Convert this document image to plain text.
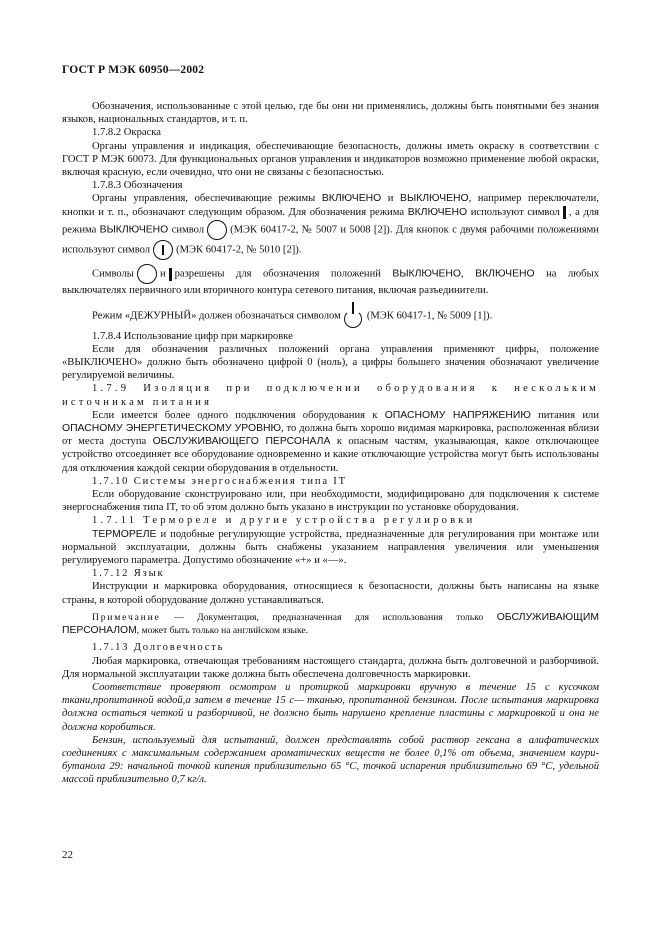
ГОСТ Р МЭК 60950—2002

Обозначения, использованные с этой целью, где бы они ни применялись, должны быть понятными без знания языков, национальных стандартов, и т. п.

1.7.8.2 Окраска

Органы управления и индикация, обеспечивающие безопасность, должны иметь окраску в соответствии с ГОСТ Р МЭК 60073. Для функциональных органов управления и индикаторов возможно применение любой окраски, включая красную, если очевидно, что они не связаны с безопасностью.

1.7.8.3 Обозначения

Органы управления, обеспечивающие режимы ВКЛЮЧЕНО и ВЫКЛЮЧЕНО, например переключатели, кнопки и т. п., обозначают следующим образом. Для обозначения режима ВКЛЮЧЕНО используют символ , а для режима ВЫКЛЮЧЕНО символ (МЭК 60417-2, № 5007 и 5008 [2]). Для кнопок с двумя рабочими положениями используют символ (МЭК 60417-2, № 5010 [2]).

Символы и разрешены для обозначения положений ВЫКЛЮЧЕНО, ВКЛЮЧЕНО на любых выключателях первичного или вторичного контура сетевого питания, включая разъединители.

Режим «ДЕЖУРНЫЙ» должен обозначаться символом (МЭК 60417-1, № 5009 [1]).

1.7.8.4 Использование цифр при маркировке

Если для обозначения различных положений органа управления применяют цифры, положение «ВЫКЛЮЧЕНО» должно быть обозначено цифрой 0 (ноль), а цифры большего значения обозначают увеличение регулируемой величины.

1.7.9 Изоляция при подключении оборудования к нескольким источникам питания

Если имеется более одного подключения оборудования к ОПАСНОМУ НАПРЯЖЕНИЮ питания или ОПАСНОМУ ЭНЕРГЕТИЧЕСКОМУ УРОВНЮ, то должна быть хорошо видимая маркировка, расположенная вблизи от места доступа ОБСЛУЖИВАЮЩЕГО ПЕРСОНАЛА к опасным частям, указывающая, какое отключающее устройство отсоединяет все оборудование одновременно и какие отключающие устройства могут быть использованы для отключения каждой секции оборудования в отдельности.

1.7.10 Системы энергоснабжения типа IT

Если оборудование сконструировано или, при необходимости, модифицировано для подключения к системе энергоснабжения типа IT, то об этом должно быть указано в инструкции по установке оборудования.

1.7.11 Термореле и другие устройства регулировки

ТЕРМОРЕЛЕ и подобные регулирующие устройства, предназначенные для регулирования при монтаже или нормальной эксплуатации, должны быть снабжены указанием направления увеличения или уменьшения регулируемого параметра. Допустимо обозначение «+» и «—».

1.7.12 Язык

Инструкции и маркировка оборудования, относящиеся к безопасности, должны быть написаны на языке страны, в которой оборудование должно устанавливаться.

Примечание — Документация, предназначенная для использования только ОБСЛУЖИВАЮЩИМ ПЕРСОНАЛОМ, может быть только на английском языке.

1.7.13 Долговечность

Любая маркировка, отвечающая требованиям настоящего стандарта, должна быть долговечной и разборчивой. Для нормальной эксплуатации также должна быть обеспечена долговечность маркировки.

Соответствие проверяют осмотром и протиркой маркировки вручную в течение 15 с кусочком ткани,пропитанной водой,а затем в течение 15 с— тканью, пропитанной бензином. После испытания маркировка должна остаться четкой и разборчивой, не должно быть нарушено крепление пластины с маркировкой и она не должна коробиться.

Бензин, используемый для испытаний, должен представлять собой раствор гексана в алифатических соединениях с максимальным содержанием ароматических веществ не более 0,1% от объема, значением каури-бутанола 29: начальной точкой кипения приблизительно 65 °С, точкой испарения приблизительно 69 °С, удельной массой приблизительно 0,7 кг/л.

22
